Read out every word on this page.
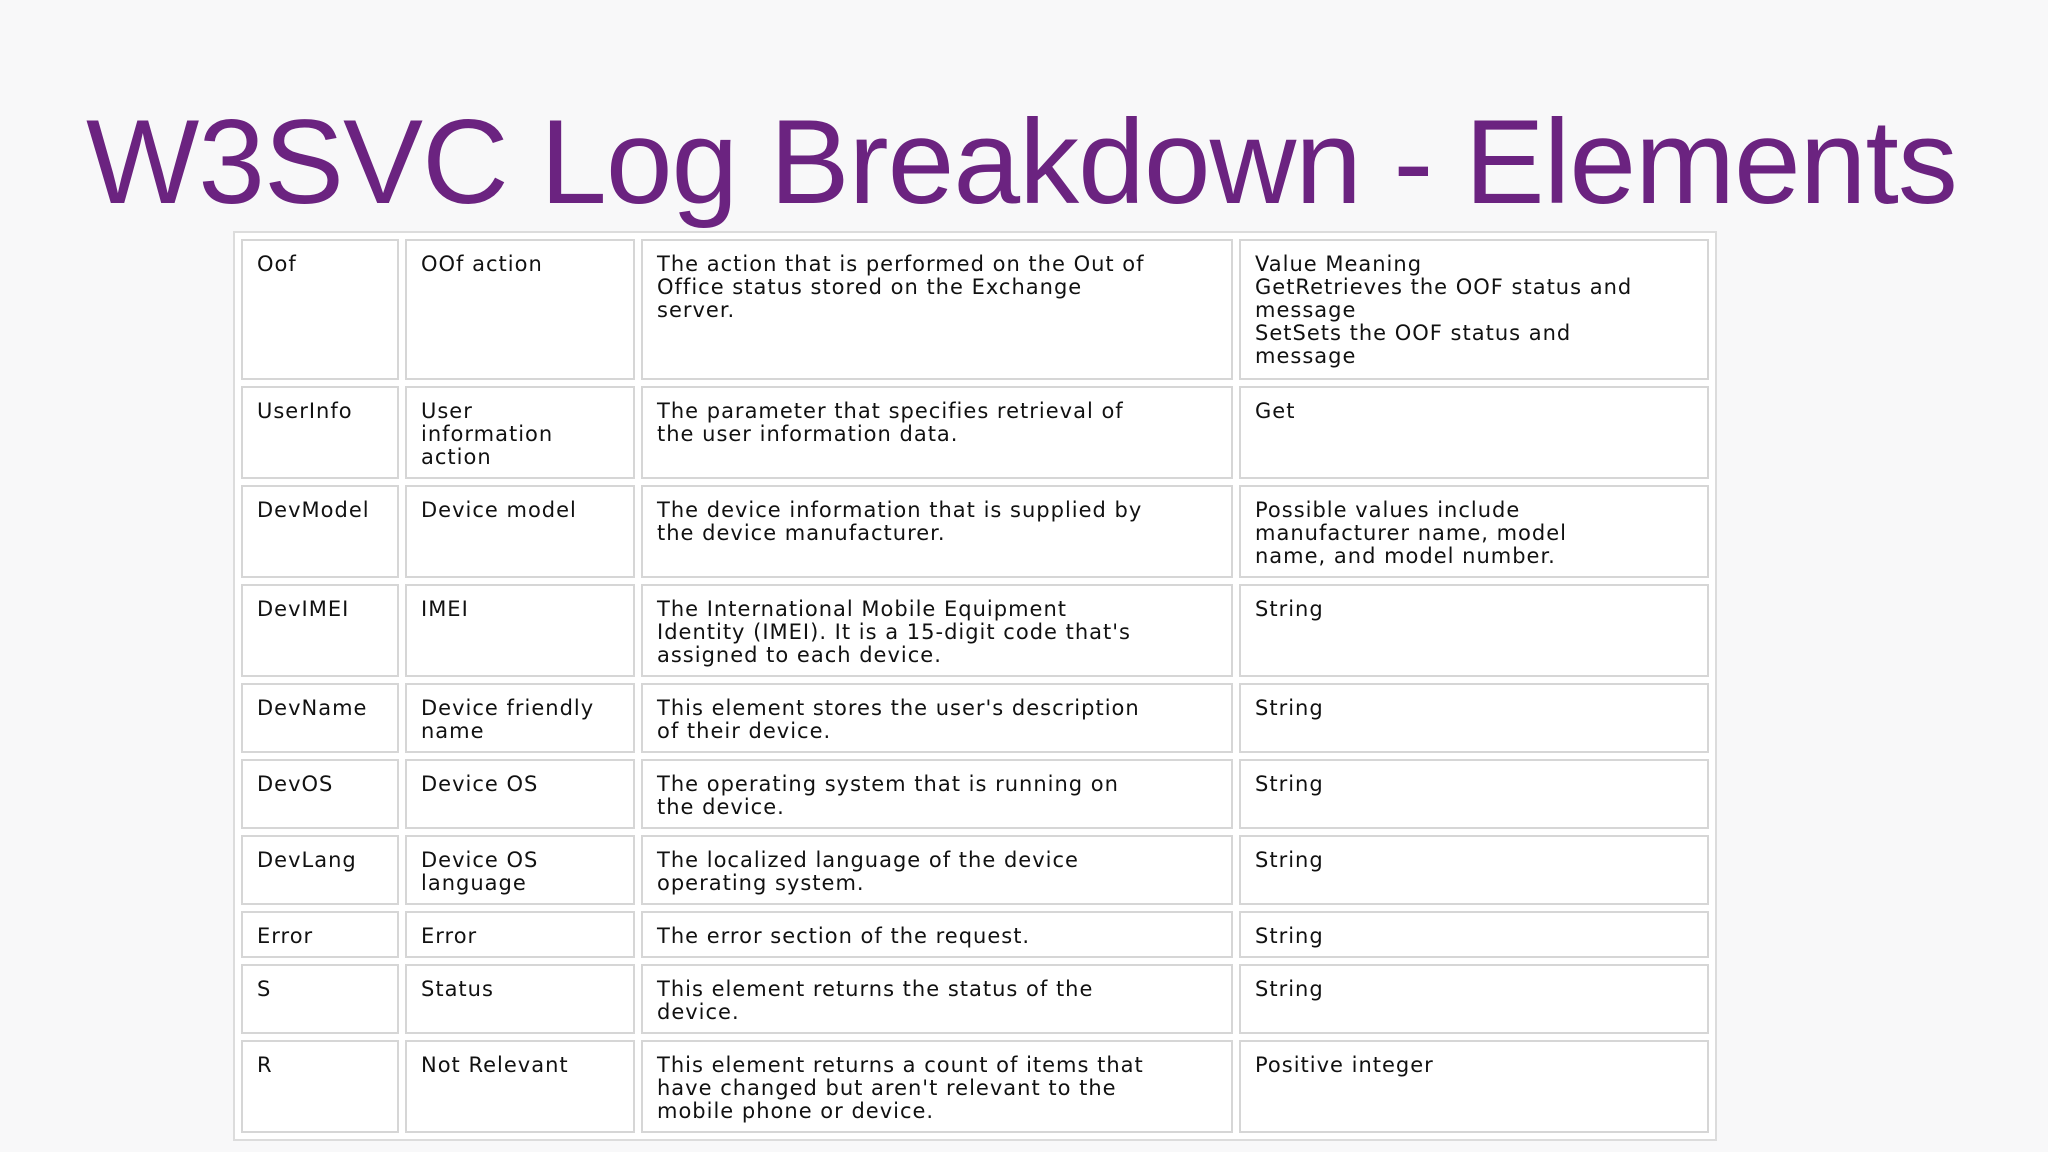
W3SVC Log Breakdown - Elements
Oof	OOf action	The action that is performed on the Out of
Office status stored on the Exchange
server.	Value Meaning
GetRetrieves the OOF status and
message
SetSets the OOF status and
message
UserInfo	User
information
action	The parameter that specifies retrieval of
the user information data.	Get
DevModel	Device model	The device information that is supplied by
the device manufacturer.	Possible values include
manufacturer name, model
name, and model number.
DevIMEI	IMEI	The International Mobile Equipment
Identity (IMEI). It is a 15-digit code that's
assigned to each device.	String
DevName	Device friendly
name	This element stores the user's description
of their device.	String
DevOS	Device OS	The operating system that is running on
the device.	String
DevLang	Device OS
language	The localized language of the device
operating system.	String
Error	Error	The error section of the request.	String
S	Status	This element returns the status of the
device.	String
R	Not Relevant	This element returns a count of items that
have changed but aren't relevant to the
mobile phone or device.	Positive integer
